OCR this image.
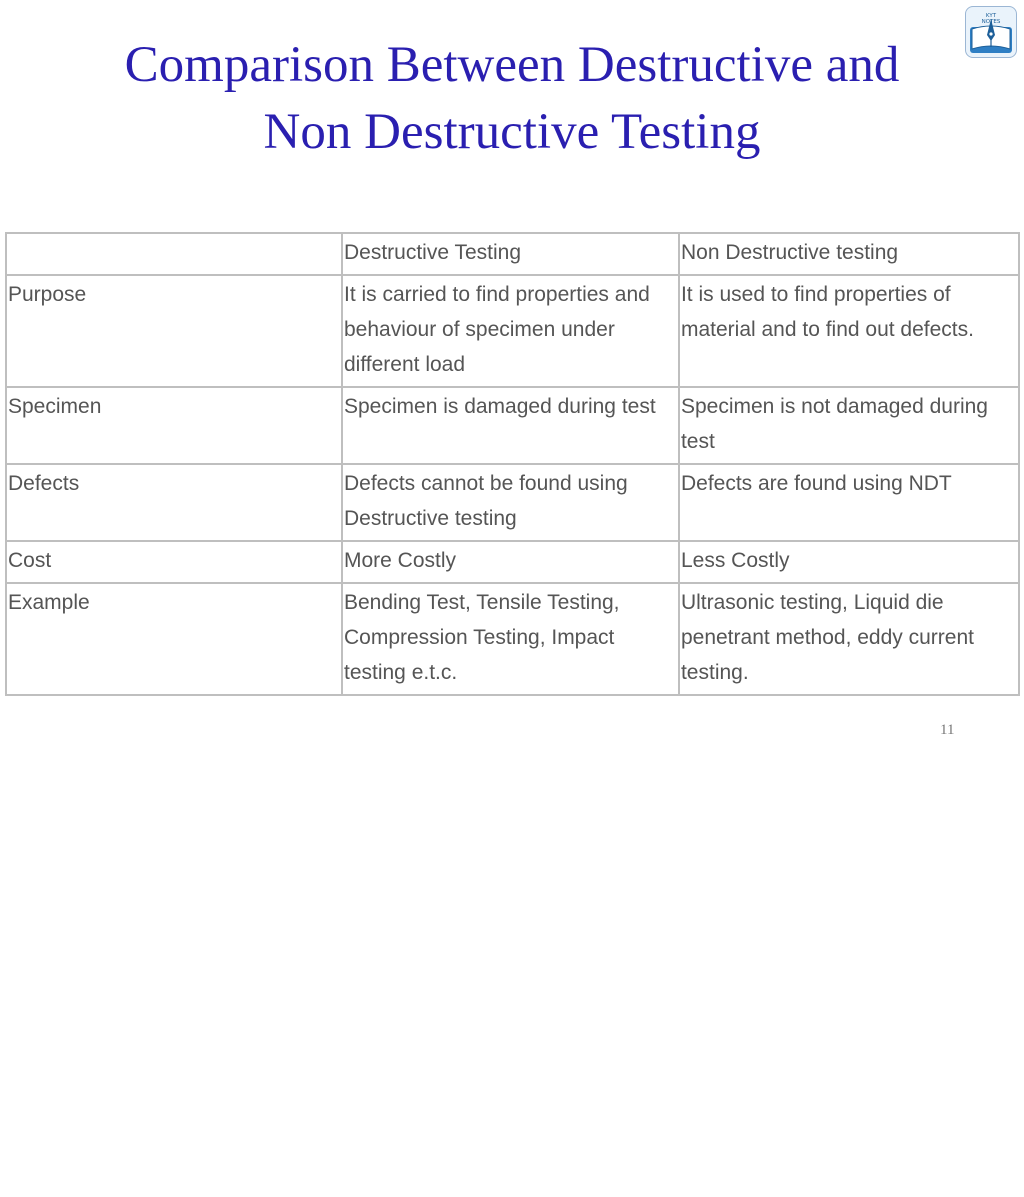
KYT
NOTES
Comparison Between Destructive and
Non Destructive Testing
	Destructive Testing	Non Destructive testing
Purpose	It is carried to find properties and behaviour of specimen under different load	It is used to find properties of material and to find out defects.
Specimen	Specimen is damaged during test	Specimen is not damaged during test
Defects	Defects cannot be found using Destructive testing	Defects are found using NDT
Cost	More Costly	Less Costly
Example	Bending Test, Tensile Testing, Compression Testing, Impact testing e.t.c.	Ultrasonic testing, Liquid die penetrant method, eddy current testing.
11
